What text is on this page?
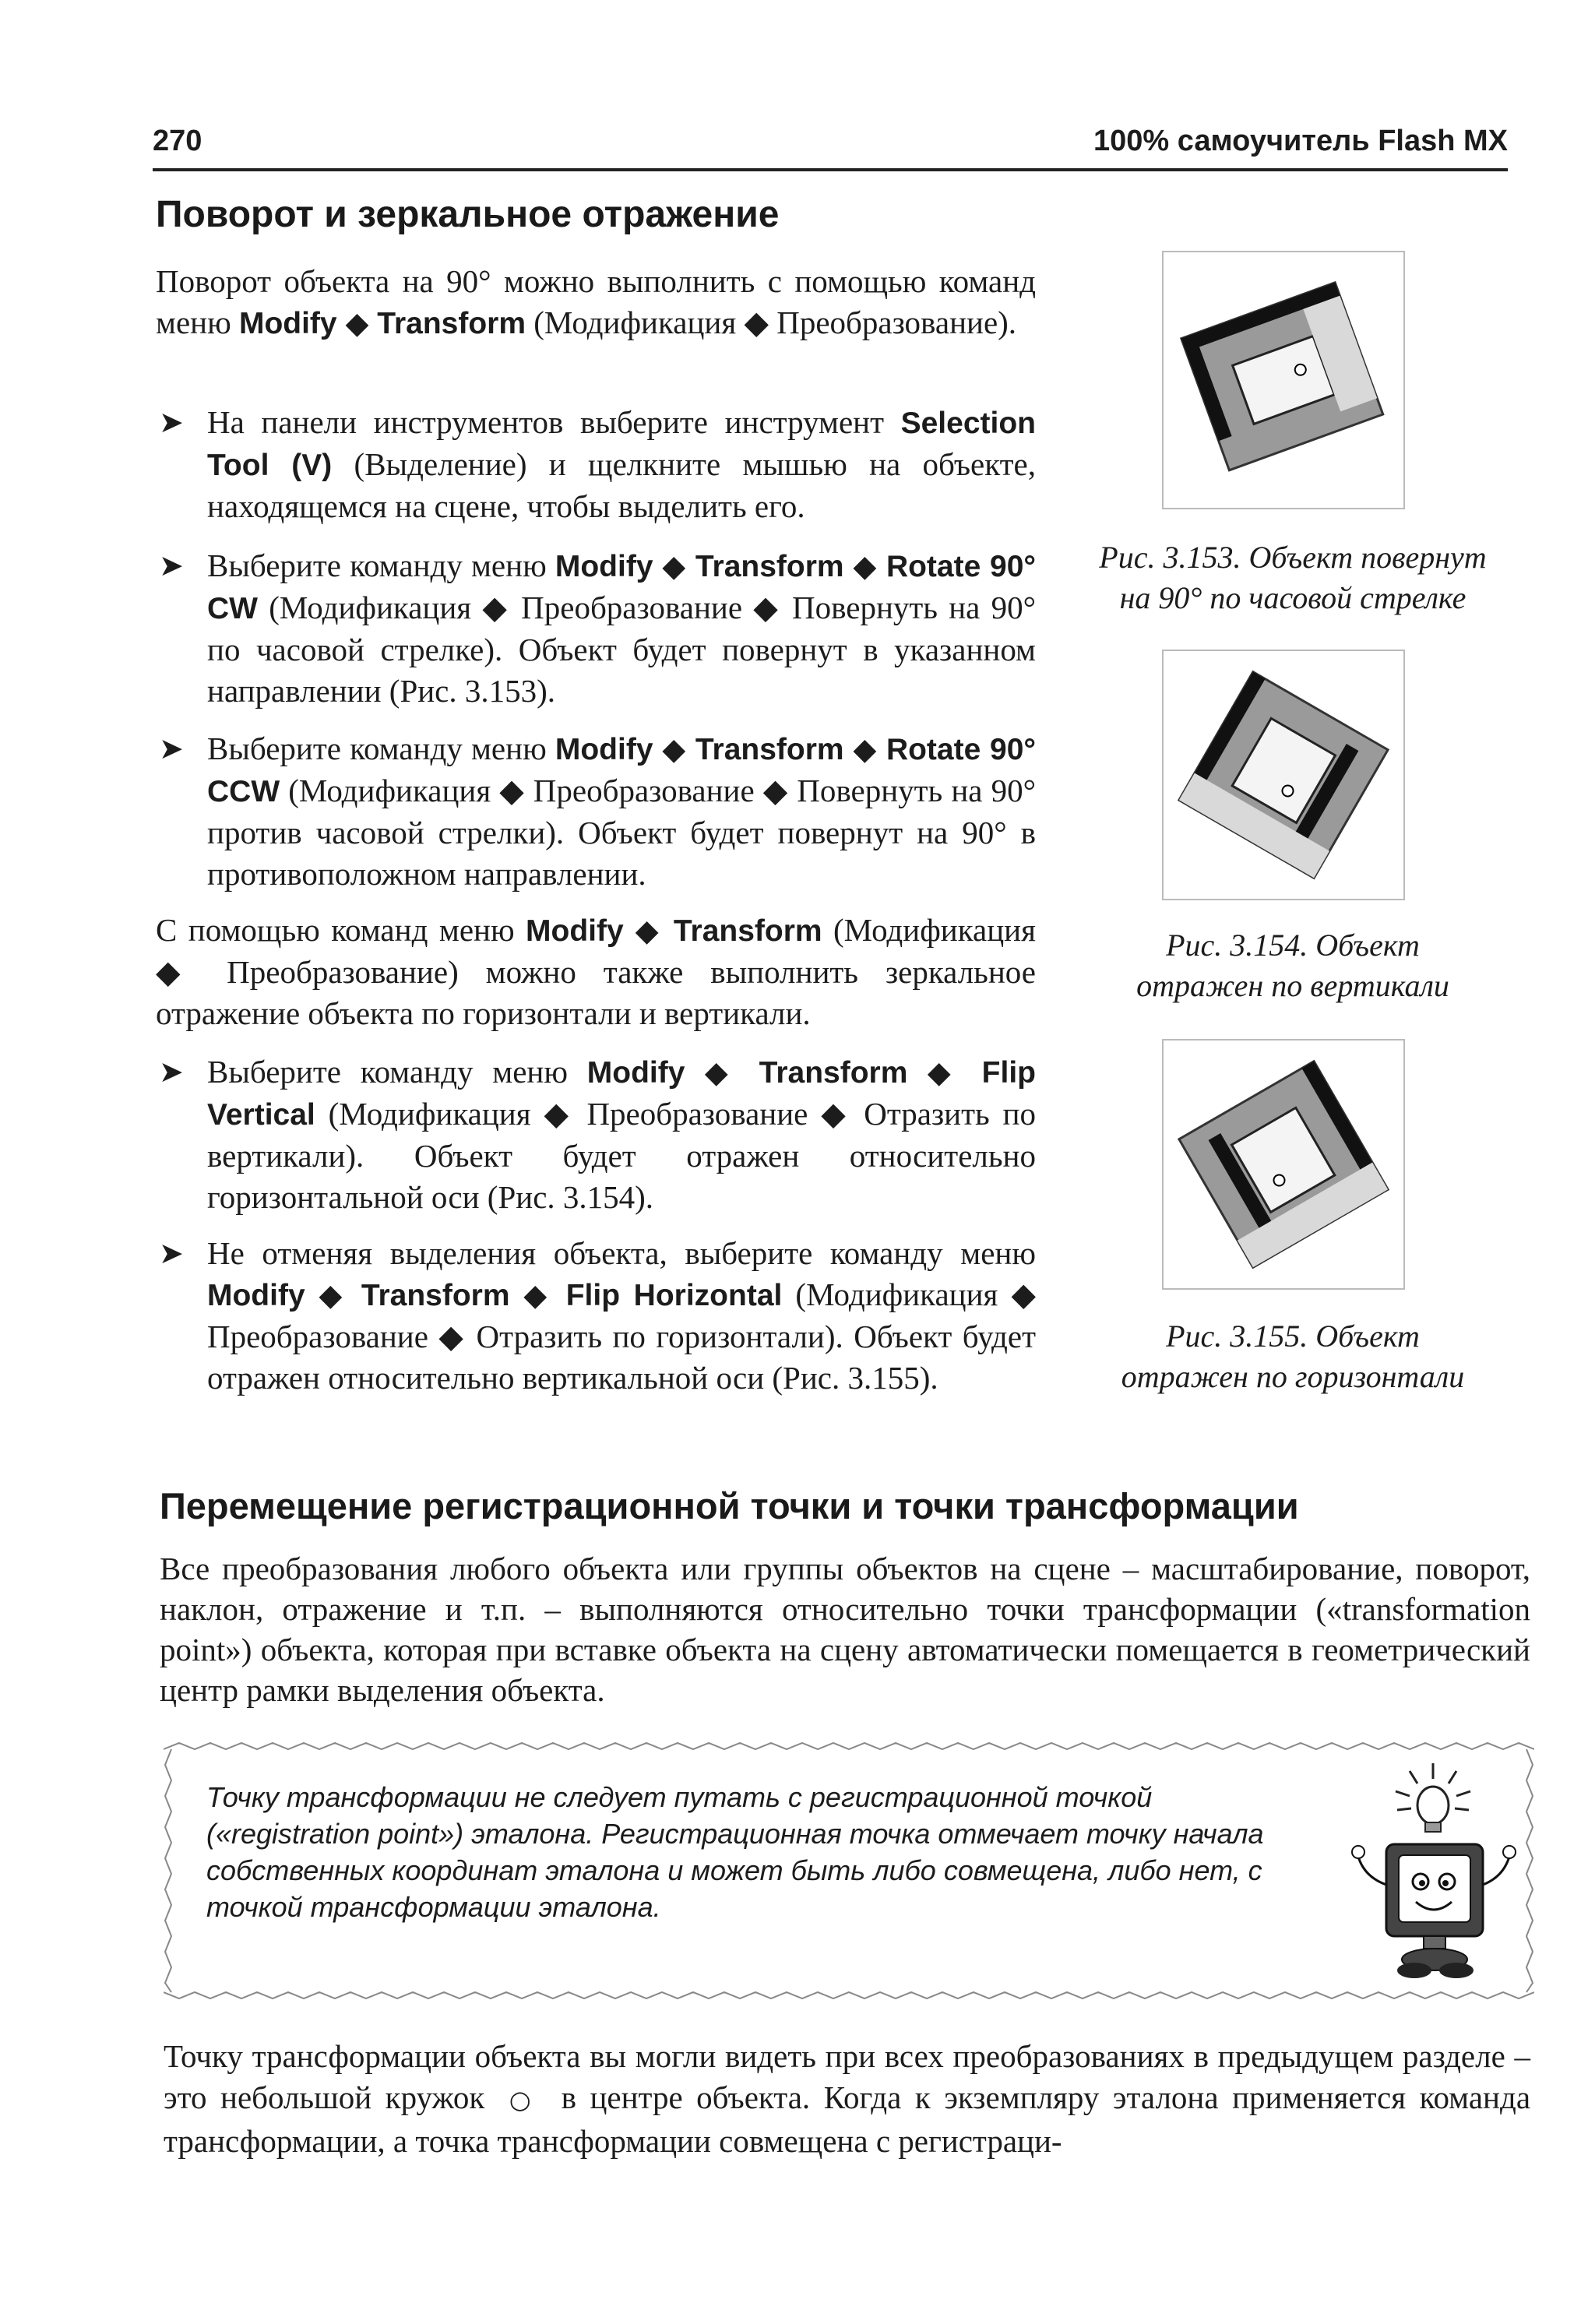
270	100% самоучитель Flash MX
Поворот и зеркальное отражение
Поворот объекта на 90° можно выполнить с помощью команд меню Modify ◆ Transform (Модификация ◆ Преобразование).
➤ На панели инструментов выберите инструмент Selection Tool (V) (Выделение) и щелкните мышью на объекте, находящемся на сцене, чтобы выделить его.
➤ Выберите команду меню Modify ◆ Transform ◆ Rotate 90° CW (Модификация ◆ Преобразование ◆ Повернуть на 90° по часовой стрелке). Объект будет повернут в указанном направлении (Рис. 3.153).
➤ Выберите команду меню Modify ◆ Transform ◆ Rotate 90° CCW (Модификация ◆ Преобразование ◆ Повернуть на 90° против часовой стрелки). Объект будет повернут на 90° в противоположном направлении.
С помощью команд меню Modify ◆ Transform (Модификация ◆ Преобразование) можно также выполнить зеркальное отражение объекта по горизонтали и вертикали.
➤ Выберите команду меню Modify ◆ Transform ◆ Flip Vertical (Модификация ◆ Преобразование ◆ Отразить по вертикали). Объект будет отражен относительно горизонтальной оси (Рис. 3.154).
➤ Не отменяя выделения объекта, выберите команду меню Modify ◆ Transform ◆ Flip Horizontal (Модификация ◆ Преобразование ◆ Отразить по горизонтали). Объект будет отражен относительно вертикальной оси (Рис. 3.155).
Рис. 3.153. Объект повернут
на 90° по часовой стрелке
Рис. 3.154. Объект
отражен по вертикали
Рис. 3.155. Объект
отражен по горизонтали
Перемещение регистрационной точки и точки трансформации
Все преобразования любого объекта или группы объектов на сцене – масштабирование, поворот, наклон, отражение и т.п. – выполняются относительно точки трансформации («transformation point») объекта, которая при вставке объекта на сцену автоматически помещается в геометрический центр рамки выделения объекта.
Точку трансформации не следует путать с регистрационной точкой («registration point») эталона. Регистрационная точка отмечает точку начала собственных координат эталона и может быть либо совмещена, либо нет, с точкой трансформации эталона.
Точку трансформации объекта вы могли видеть при всех преобразованиях в предыдущем разделе – это небольшой кружок ○ в центре объекта. Когда к экземпляру эталона применяется команда трансформации, а точка трансформации совмещена с регистраци-
